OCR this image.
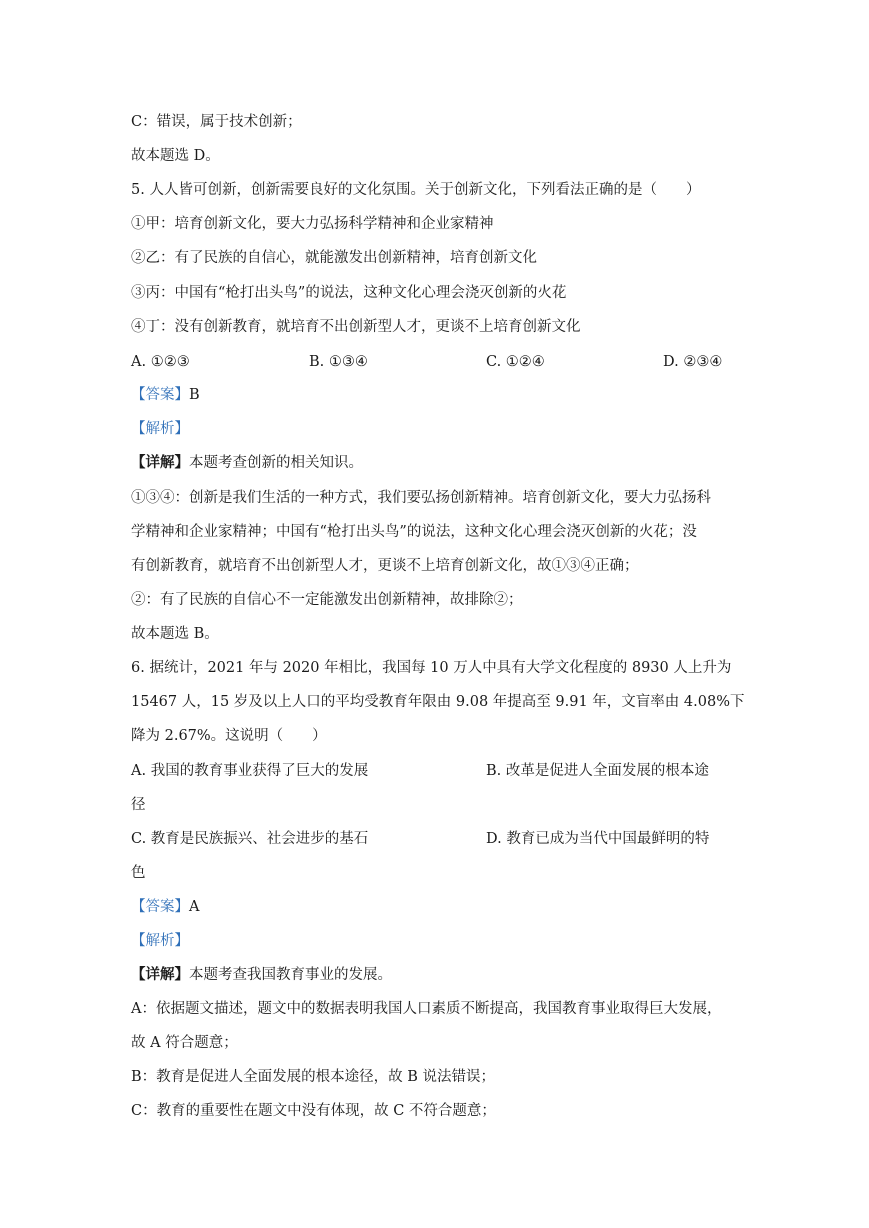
C：错误，属于技术创新；
故本题选 D。
5. 人人皆可创新，创新需要良好的文化氛围。关于创新文化，下列看法正确的是（　　）
①甲：培育创新文化，要大力弘扬科学精神和企业家精神
②乙：有了民族的自信心，就能激发出创新精神，培育创新文化
③丙：中国有“枪打出头鸟”的说法，这种文化心理会浇灭创新的火花
④丁：没有创新教育，就培育不出创新型人才，更谈不上培育创新文化
A. ①②③	B. ①③④	C. ①②④	D. ②③④
【答案】B
【解析】
【详解】本题考查创新的相关知识。
①③④：创新是我们生活的一种方式，我们要弘扬创新精神。培育创新文化，要大力弘扬科
学精神和企业家精神；中国有“枪打出头鸟”的说法，这种文化心理会浇灭创新的火花；没
有创新教育，就培育不出创新型人才，更谈不上培育创新文化，故①③④正确；
②：有了民族的自信心不一定能激发出创新精神，故排除②；
故本题选 B。
6. 据统计，2021 年与 2020 年相比，我国每 10 万人中具有大学文化程度的 8930 人上升为
15467 人，15 岁及以上人口的平均受教育年限由 9.08 年提高至 9.91 年，文盲率由 4.08%下
降为 2.67%。这说明（　　）
A. 我国的教育事业获得了巨大的发展	B. 改革是促进人全面发展的根本途
径
C. 教育是民族振兴、社会进步的基石	D. 教育已成为当代中国最鲜明的特
色
【答案】A
【解析】
【详解】本题考查我国教育事业的发展。
A：依据题文描述，题文中的数据表明我国人口素质不断提高，我国教育事业取得巨大发展，
故 A 符合题意；
B：教育是促进人全面发展的根本途径，故 B 说法错误；
C：教育的重要性在题文中没有体现，故 C 不符合题意；
